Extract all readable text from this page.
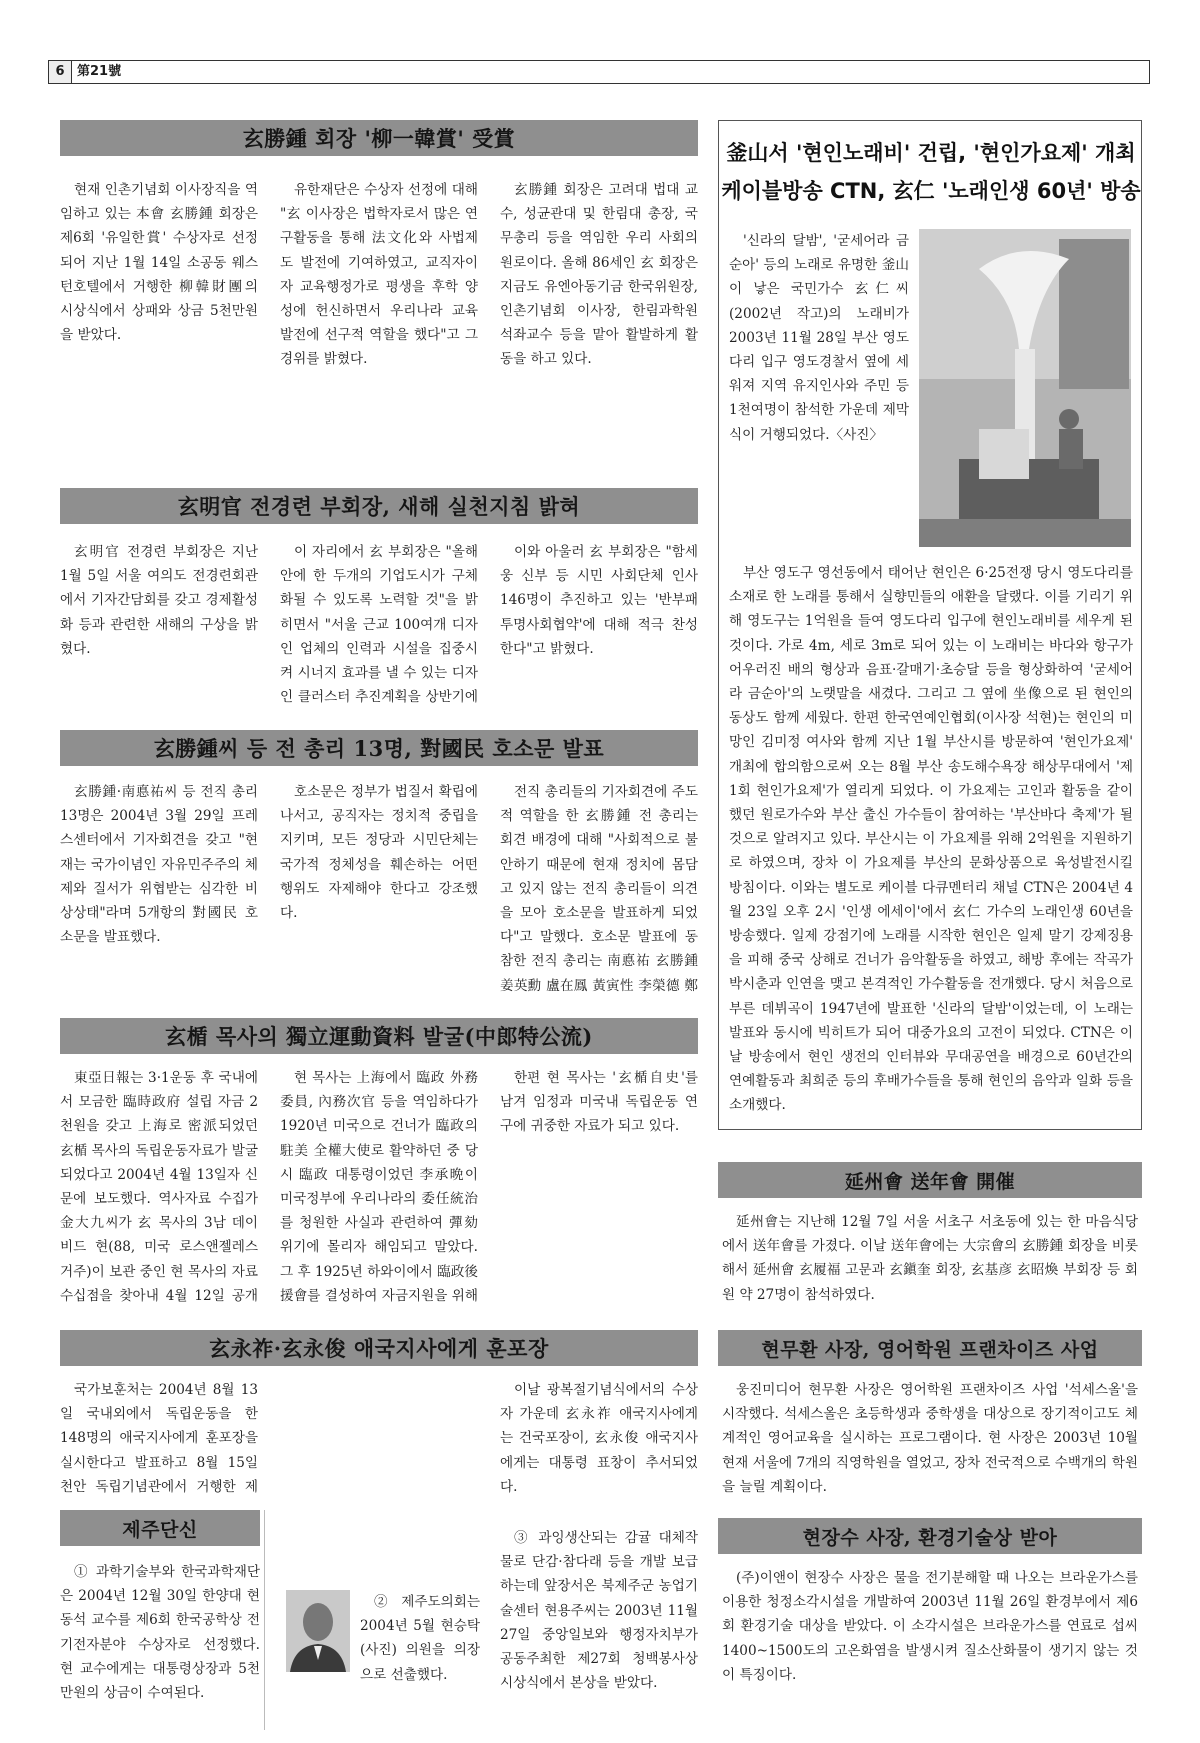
6 第21號
玄勝鍾 회장 '柳一韓賞' 受賞

현재 인촌기념회 이사장직을 역임하고 있는 本會 玄勝鍾 회장은 제6회 '유일한賞' 수상자로 선정되어 지난 1월 14일 소공동 웨스턴호텔에서 거행한 柳韓財團의 시상식에서 상패와 상금 5천만원을 받았다.

유한재단은 수상자 선정에 대해 "玄 이사장은 법학자로서 많은 연구활동을 통해 法文化와 사법제도 발전에 기여하였고, 교직자이자 교육행정가로 평생을 후학 양성에 헌신하면서 우리나라 교육 발전에 선구적 역할을 했다"고 그 경위를 밝혔다.

玄勝鍾 회장은 고려대 법대 교수, 성균관대 및 한림대 총장, 국무총리 등을 역임한 우리 사회의 원로이다. 올해 86세인 玄 회장은 지금도 유엔아동기금 한국위원장, 인촌기념회 이사장, 한림과학원 석좌교수 등을 맡아 활발하게 활동을 하고 있다.

玄明官 전경련 부회장, 새해 실천지침 밝혀

玄明官 전경련 부회장은 지난 1월 5일 서울 여의도 전경련회관에서 기자간담회를 갖고 경제활성화 등과 관련한 새해의 구상을 밝혔다.

이 자리에서 玄 부회장은 "올해 안에 한 두개의 기업도시가 구체화될 수 있도록 노력할 것"을 밝히면서 "서울 근교 100여개 디자인 업체의 인력과 시설을 집중시켜 시너지 효과를 낼 수 있는 디자인 클러스터 추진계획을 상반기에

이와 아울러 玄 부회장은 "함세웅 신부 등 시민 사회단체 인사 146명이 추진하고 있는 '반부패 투명사회협약'에 대해 적극 찬성한다"고 밝혔다.

玄勝鍾씨 등 전 총리 13명, 對國民 호소문 발표

玄勝鍾·南悳祐씨 등 전직 총리 13명은 2004년 3월 29일 프레스센터에서 기자회견을 갖고 "현재는 국가이념인 자유민주주의 체제와 질서가 위협받는 심각한 비상상태"라며 5개항의 對國民 호소문을 발표했다.

호소문은 정부가 법질서 확립에 나서고, 공직자는 정치적 중립을 지키며, 모든 정당과 시민단체는 국가적 정체성을 훼손하는 어떤 행위도 자제해야 한다고 강조했다.

전직 총리들의 기자회견에 주도적 역할을 한 玄勝鍾 전 총리는 회견 배경에 대해 "사회적으로 불안하기 때문에 현재 정치에 몸담고 있지 않는 전직 총리들이 의견을 모아 호소문을 발표하게 되었다"고 말했다. 호소문 발표에 동참한 전직 총리는 南悳祐 玄勝鍾 姜英勳 盧在鳳 黃寅性 李榮德 鄭

玄楯 목사의 獨立運動資料 발굴(中郎特公流)

東亞日報는 3·1운동 후 국내에서 모금한 臨時政府 설립 자금 2천원을 갖고 上海로 密派되었던 玄楯 목사의 독립운동자료가 발굴되었다고 2004년 4월 13일자 신문에 보도했다. 역사자료 수집가 金大九씨가 玄 목사의 3남 데이비드 현(88, 미국 로스앤젤레스 거주)이 보관 중인 현 목사의 자료 수십점을 찾아내 4월 12일 공개

현 목사는 上海에서 臨政 外務委員, 內務次官 등을 역임하다가 1920년 미국으로 건너가 臨政의 駐美 全權大使로 활약하던 중 당시 臨政 대통령이었던 李承晩이 미국정부에 우리나라의 委任統治를 청원한 사실과 관련하여 彈劾위기에 몰리자 해임되고 말았다. 그 후 1925년 하와이에서 臨政後援會를 결성하여 자금지원을 위해

한편 현 목사는 '玄楯自史'를 남겨 임정과 미국내 독립운동 연구에 귀중한 자료가 되고 있다.

玄永祚·玄永俊 애국지사에게 훈포장

국가보훈처는 2004년 8월 13일 국내외에서 독립운동을 한 148명의 애국지사에게 훈포장을 실시한다고 발표하고 8월 15일 천안 독립기념관에서 거행한 제

이날 광복절기념식에서의 수상자 가운데 玄永祚 애국지사에게는 건국포장이, 玄永俊 애국지사에게는 대통령 표창이 추서되었다.

제주단신

① 과학기술부와 한국과학재단은 2004년 12월 30일 한양대 현동석 교수를 제6회 한국공학상 전기전자분야 수상자로 선정했다. 현 교수에게는 대통령상장과 5천만원의 상금이 수여된다.

② 제주도의회는 2004년 5월 현승탁(사진) 의원을 의장으로 선출했다.

③ 과잉생산되는 감귤 대체작물로 단감·참다래 등을 개발 보급하는데 앞장서온 북제주군 농업기술센터 현용주씨는 2003년 11월 27일 중앙일보와 행정자치부가 공동주최한 제27회 청백봉사상 시상식에서 본상을 받았다.

釜山서 '현인노래비' 건립, '현인가요제' 개최
케이블방송 CTN, 玄仁 '노래인생 60년' 방송

'신라의 달밤', '굳세어라 금순아' 등의 노래로 유명한 釜山이 낳은 국민가수 玄仁씨(2002년 작고)의 노래비가 2003년 11월 28일 부산 영도다리 입구 영도경찰서 옆에 세워져 지역 유지인사와 주민 등 1천여명이 참석한 가운데 제막식이 거행되었다.〈사진〉

부산 영도구 영선동에서 태어난 현인은 6·25전쟁 당시 영도다리를 소재로 한 노래를 통해서 실향민들의 애환을 달랬다. 이를 기리기 위해 영도구는 1억원을 들여 영도다리 입구에 현인노래비를 세우게 된 것이다. 가로 4m, 세로 3m로 되어 있는 이 노래비는 바다와 항구가 어우러진 배의 형상과 음표·갈매기·초승달 등을 형상화하여 '굳세어라 금순아'의 노랫말을 새겼다. 그리고 그 옆에 坐像으로 된 현인의 동상도 함께 세웠다. 한편 한국연예인협회(이사장 석현)는 현인의 미망인 김미정 여사와 함께 지난 1월 부산시를 방문하여 '현인가요제' 개최에 합의함으로써 오는 8월 부산 송도해수욕장 해상무대에서 '제1회 현인가요제'가 열리게 되었다. 이 가요제는 고인과 활동을 같이했던 원로가수와 부산 출신 가수들이 참여하는 '부산바다 축제'가 될 것으로 알려지고 있다. 부산시는 이 가요제를 위해 2억원을 지원하기로 하였으며, 장차 이 가요제를 부산의 문화상품으로 육성발전시킬 방침이다. 이와는 별도로 케이블 다큐멘터리 채널 CTN은 2004년 4월 23일 오후 2시 '인생 에세이'에서 玄仁 가수의 노래인생 60년을 방송했다. 일제 강점기에 노래를 시작한 현인은 일제 말기 강제징용을 피해 중국 상해로 건너가 음악활동을 하였고, 해방 후에는 작곡가 박시춘과 인연을 맺고 본격적인 가수활동을 전개했다. 당시 처음으로 부른 데뷔곡이 1947년에 발표한 '신라의 달밤'이었는데, 이 노래는 발표와 동시에 빅히트가 되어 대중가요의 고전이 되었다. CTN은 이날 방송에서 현인 생전의 인터뷰와 무대공연을 배경으로 60년간의 연예활동과 최희준 등의 후배가수들을 통해 현인의 음악과 일화 등을 소개했다.

延州會 送年會 開催

延州會는 지난해 12월 7일 서울 서초구 서초동에 있는 한 마음식당에서 送年會를 가졌다. 이날 送年會에는 大宗會의 玄勝鍾 회장을 비롯해서 延州會 玄履福 고문과 玄鎭奎 회장, 玄基彦 玄昭煥 부회장 등 회원 약 27명이 참석하였다.

현무환 사장, 영어학원 프랜차이즈 사업

웅진미디어 현무환 사장은 영어학원 프랜차이즈 사업 '석세스올'을 시작했다. 석세스올은 초등학생과 중학생을 대상으로 장기적이고도 체계적인 영어교육을 실시하는 프로그램이다. 현 사장은 2003년 10월 현재 서울에 7개의 직영학원을 열었고, 장차 전국적으로 수백개의 학원을 늘릴 계획이다.

현장수 사장, 환경기술상 받아

(주)이앤이 현장수 사장은 물을 전기분해할 때 나오는 브라운가스를 이용한 청정소각시설을 개발하여 2003년 11월 26일 환경부에서 제6회 환경기술 대상을 받았다. 이 소각시설은 브라운가스를 연료로 섭씨 1400~1500도의 고온화염을 발생시켜 질소산화물이 생기지 않는 것이 특징이다.
